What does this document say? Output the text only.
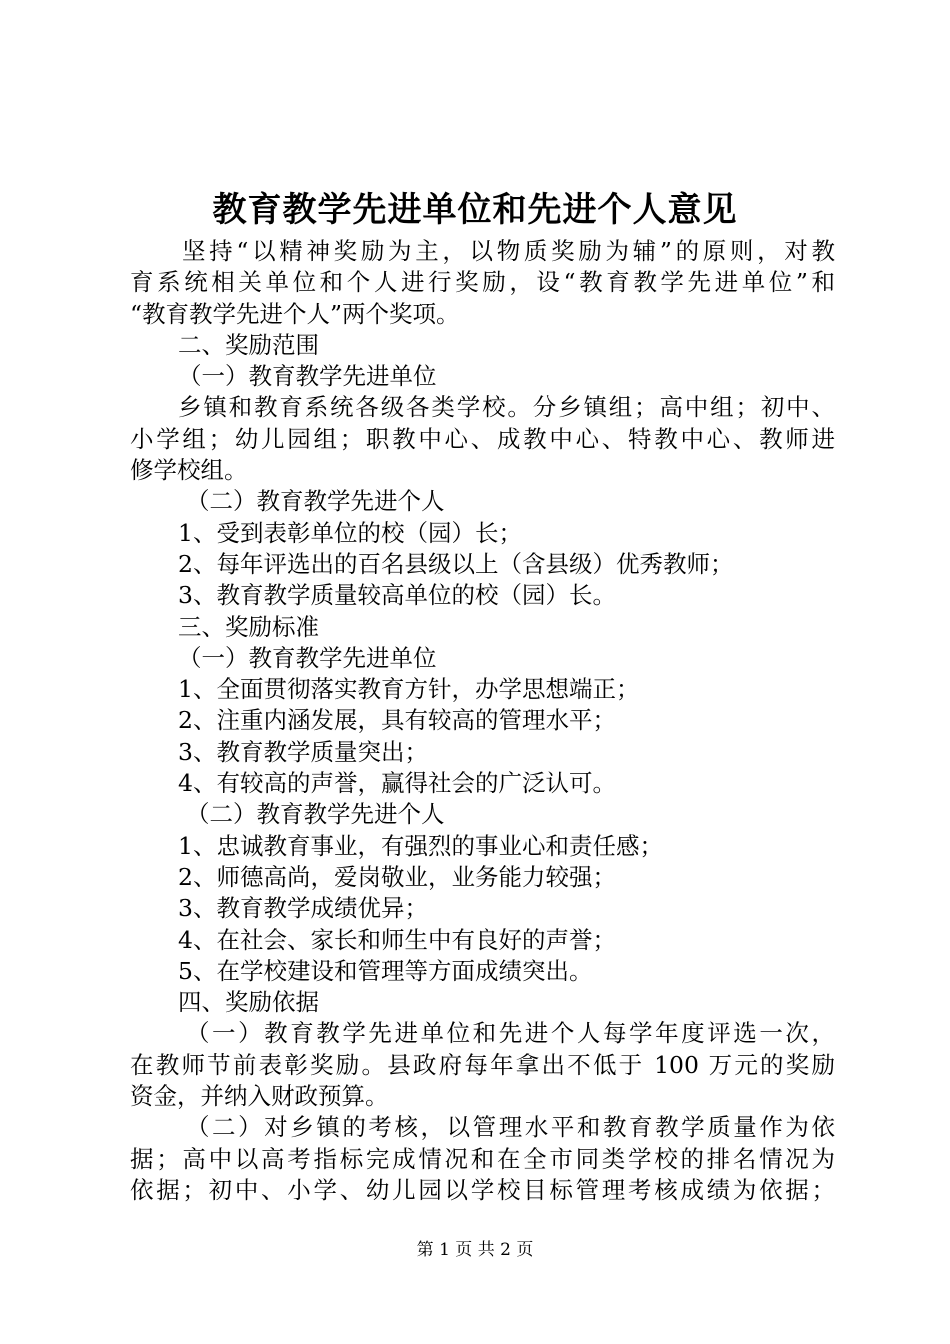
教育教学先进单位和先进个人意见
坚持“以精神奖励为主，以物质奖励为辅”的原则，对教
育系统相关单位和个人进行奖励，设“教育教学先进单位”和
“教育教学先进个人”两个奖项。
二、奖励范围
（一）教育教学先进单位
乡镇和教育系统各级各类学校。分乡镇组；高中组；初中、
小学组；幼儿园组；职教中心、成教中心、特教中心、教师进
修学校组。
（二）教育教学先进个人
1、受到表彰单位的校（园）长；
2、每年评选出的百名县级以上（含县级）优秀教师；
3、教育教学质量较高单位的校（园）长。
三、奖励标准
（一）教育教学先进单位
1、全面贯彻落实教育方针，办学思想端正；
2、注重内涵发展，具有较高的管理水平；
3、教育教学质量突出；
4、有较高的声誉，赢得社会的广泛认可。
（二）教育教学先进个人
1、忠诚教育事业，有强烈的事业心和责任感；
2、师德高尚，爱岗敬业，业务能力较强；
3、教育教学成绩优异；
4、在社会、家长和师生中有良好的声誉；
5、在学校建设和管理等方面成绩突出。
四、奖励依据
（一）教育教学先进单位和先进个人每学年度评选一次，
在教师节前表彰奖励。县政府每年拿出不低于 100 万元的奖励
资金，并纳入财政预算。
（二）对乡镇的考核，以管理水平和教育教学质量作为依
据；高中以高考指标完成情况和在全市同类学校的排名情况为
依据；初中、小学、幼儿园以学校目标管理考核成绩为依据；
第 1 页 共 2 页
